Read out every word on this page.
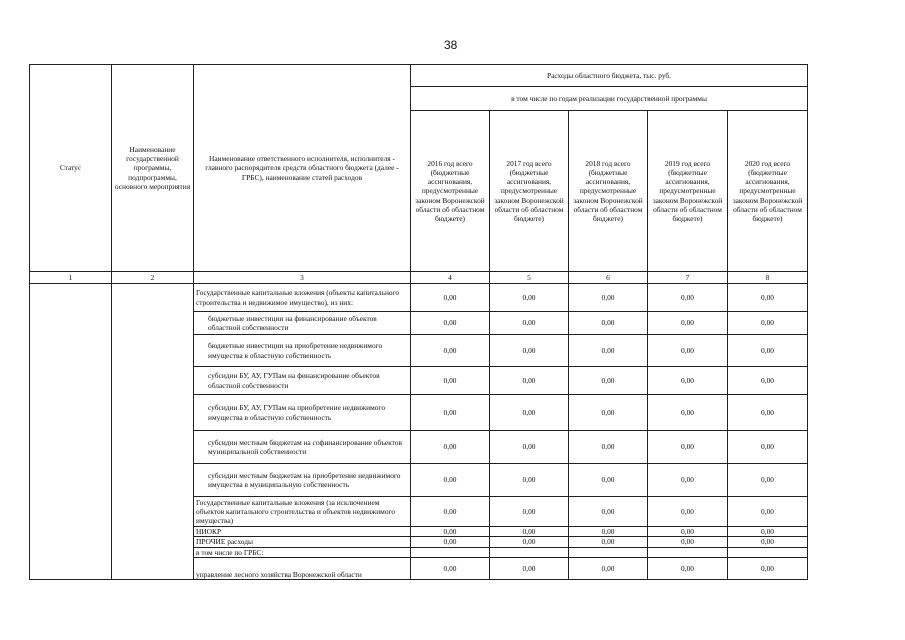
38
Статус	Наименование государственной программы, подпрограммы, основного мероприятия	Наименование ответственного исполнителя, исполнителя - главного распорядителя средств областного бюджета (далее - ГРБС), наименование статей расходов	Расходы областного бюджета, тыс. руб.				
			в том числе по годам реализации государственной программы				
			2016 год всего (бюджетные ассигнования, предусмотренные законом Воронежской области об областном бюджете)	2017 год всего (бюджетные ассигнования, предусмотренные законом Воронежской области об областном бюджете)	2018 год всего (бюджетные ассигнования, предусмотренные законом Воронежской области об областном бюджете)	2019 год всего (бюджетные ассигнования, предусмотренные законом Воронежской области об областном бюджете)	2020 год всего (бюджетные ассигнования, предусмотренные законом Воронежской области об областном бюджете)
1	2	3	4	5	6	7	8
		Государственные капитальные вложения (объекты капитального строительства и недвижимое имущество), из них:	0,00	0,00	0,00	0,00	0,00
		бюджетные инвестиции на финансирование объектов областной собственности	0,00	0,00	0,00	0,00	0,00
		бюджетные инвестиции на приобретение недвижимого имущества в областную собственность	0,00	0,00	0,00	0,00	0,00
		субсидии БУ, АУ, ГУПам на финансирование объектов областной собственности	0,00	0,00	0,00	0,00	0,00
		субсидии БУ, АУ, ГУПам на приобретение недвижимого имущества в областную собственность	0,00	0,00	0,00	0,00	0,00
		субсидии местным бюджетам на софинансирование объектов муниципальной собственности	0,00	0,00	0,00	0,00	0,00
		субсидии местным бюджетам на приобретение недвижимого имущества в муниципальную собственность	0,00	0,00	0,00	0,00	0,00
		Государственные капитальные вложения (за исключением объектов капитального строительства и объектов недвижимого имущества)	0,00	0,00	0,00	0,00	0,00
		НИОКР	0,00	0,00	0,00	0,00	0,00
		ПРОЧИЕ расходы	0,00	0,00	0,00	0,00	0,00
		в том числе по ГРБС:					
		управление лесного хозяйства Воронежской области	0,00	0,00	0,00	0,00	0,00
